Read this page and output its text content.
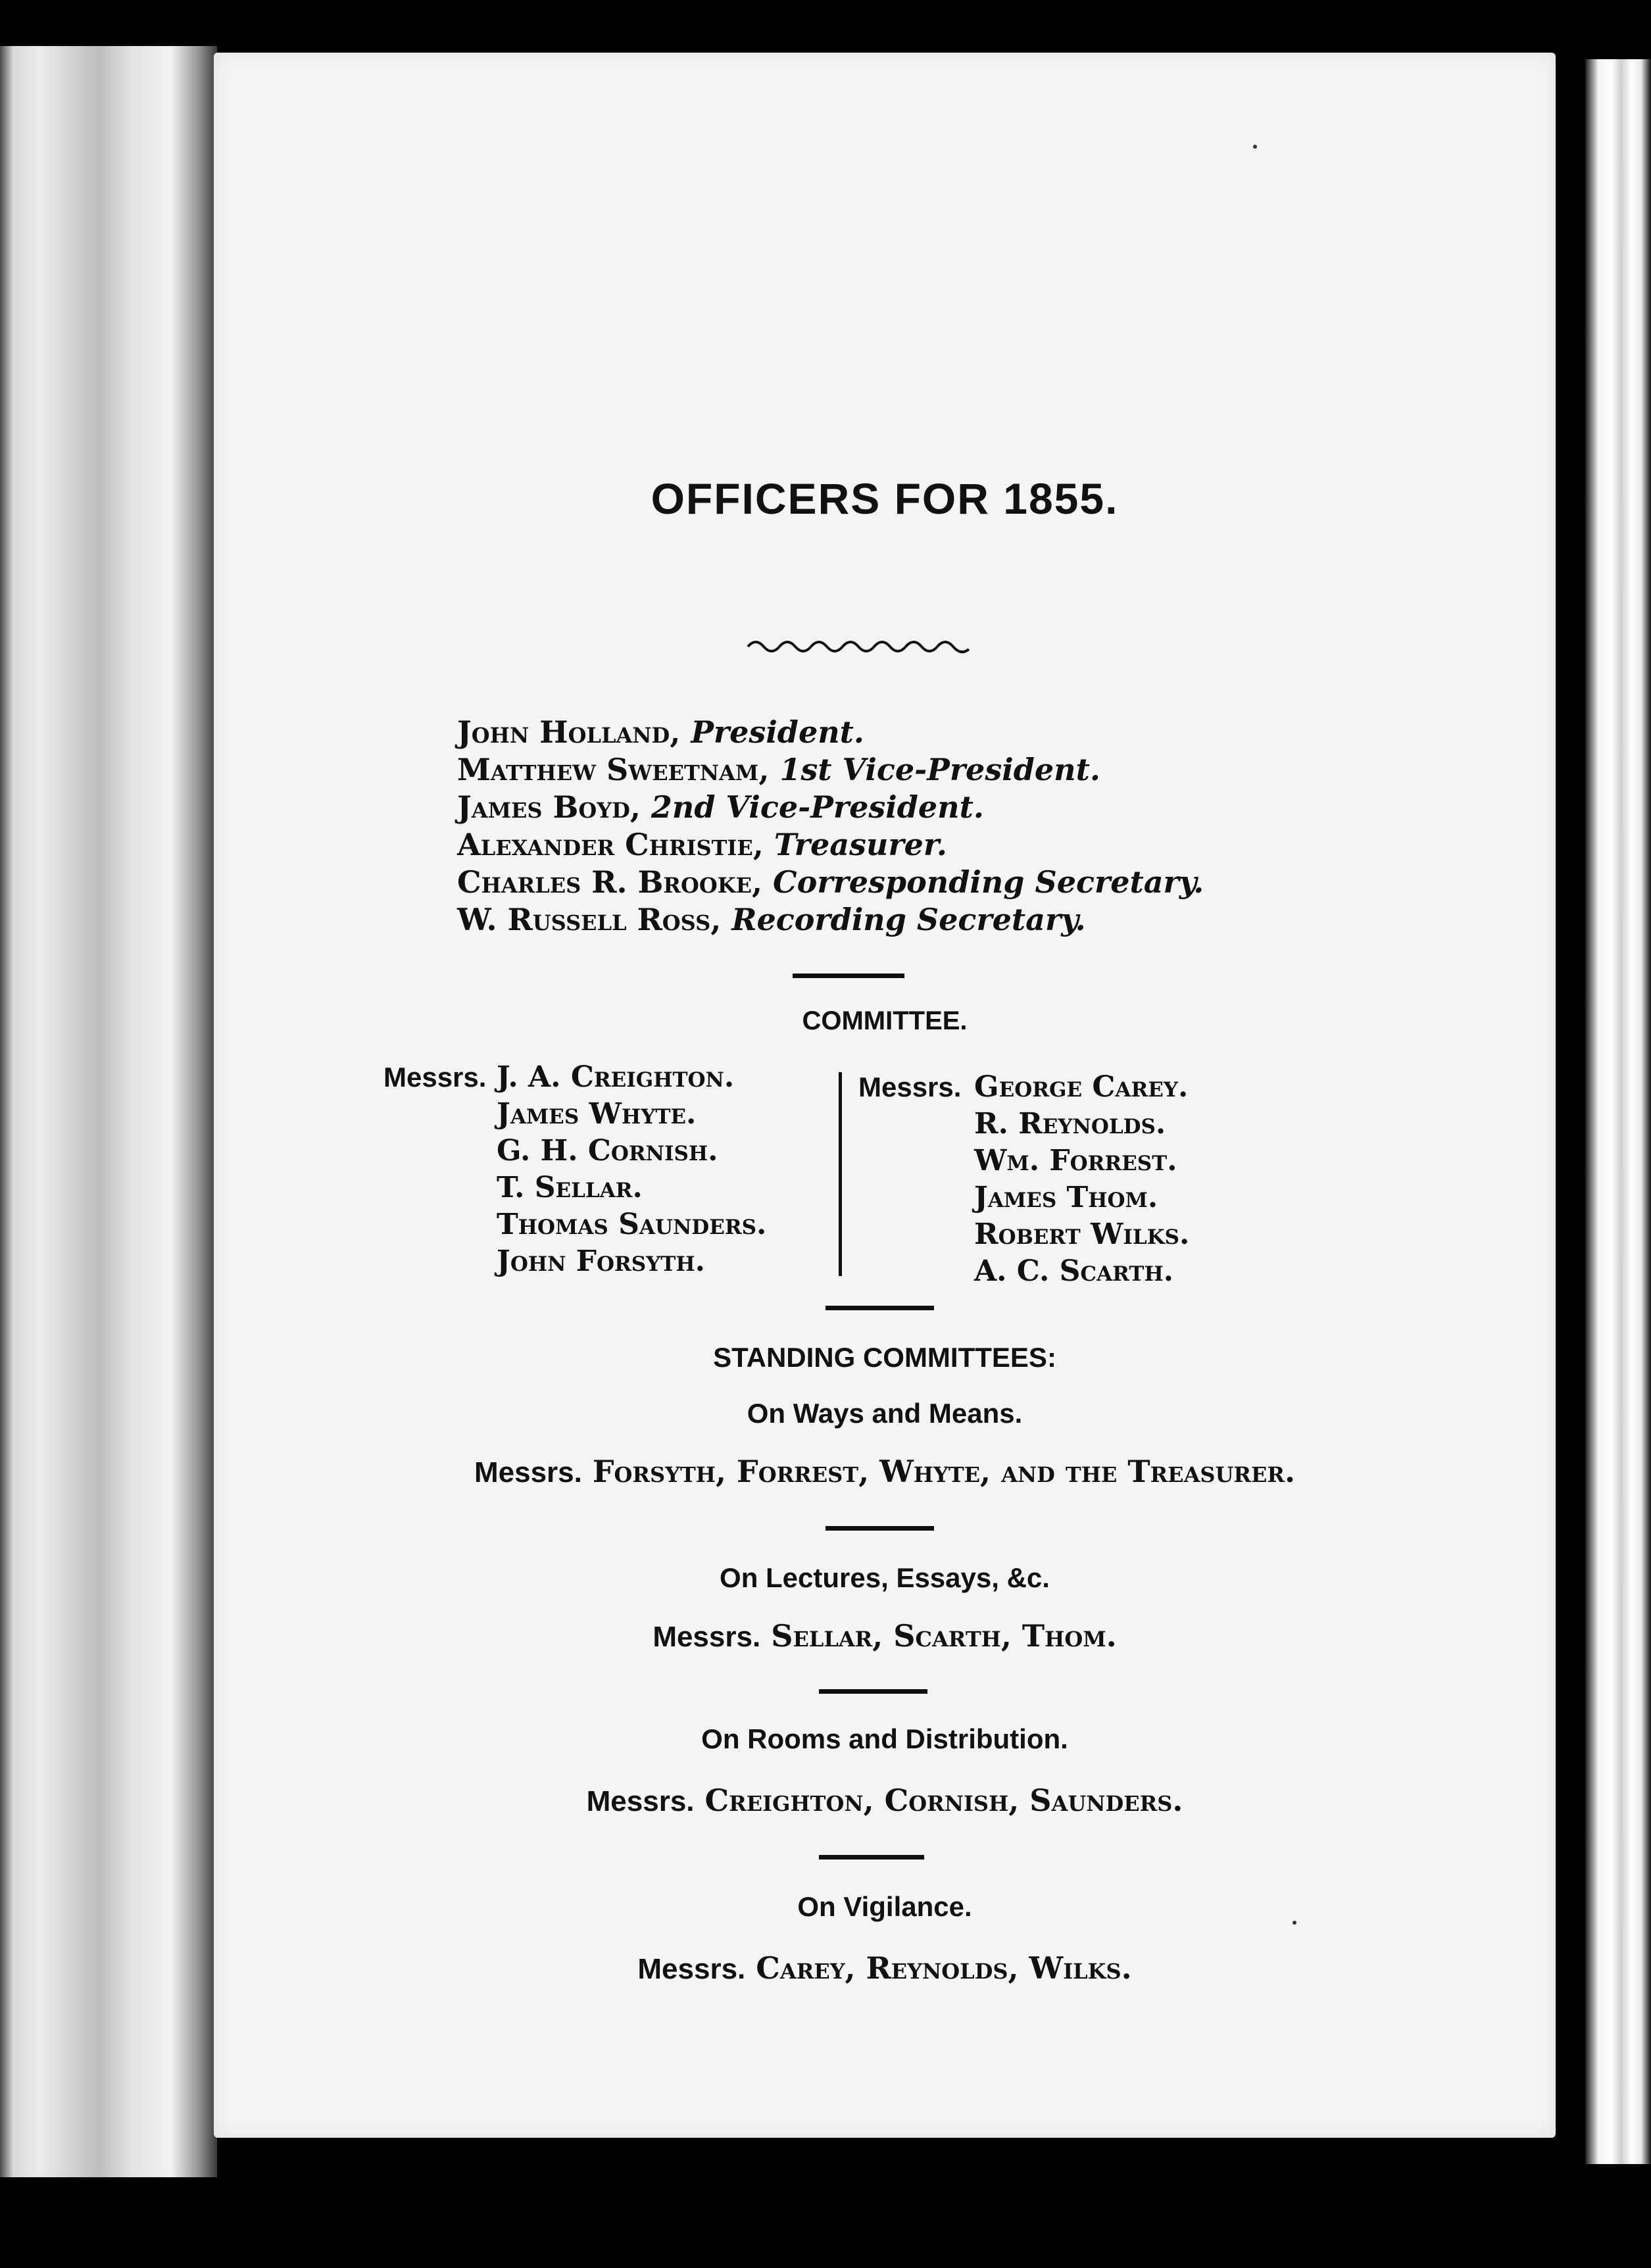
OFFICERS FOR 1855.
John Holland, President.
Matthew Sweetnam, 1st Vice-President.
James Boyd, 2nd Vice-President.
Alexander Christie, Treasurer.
Charles R. Brooke, Corresponding Secretary.
W. Russell Ross, Recording Secretary.
COMMITTEE.
Messrs. J. A. Creighton.
James Whyte.
G. H. Cornish.
T. Sellar.
Thomas Saunders.
John Forsyth.
Messrs. George Carey.
R. Reynolds.
Wm. Forrest.
James Thom.
Robert Wilks.
A. C. Scarth.
STANDING COMMITTEES:
On Ways and Means.
Messrs. Forsyth, Forrest, Whyte, and the Treasurer.
On Lectures, Essays, &c.
Messrs. Sellar, Scarth, Thom.
On Rooms and Distribution.
Messrs. Creighton, Cornish, Saunders.
On Vigilance.
Messrs. Carey, Reynolds, Wilks.
